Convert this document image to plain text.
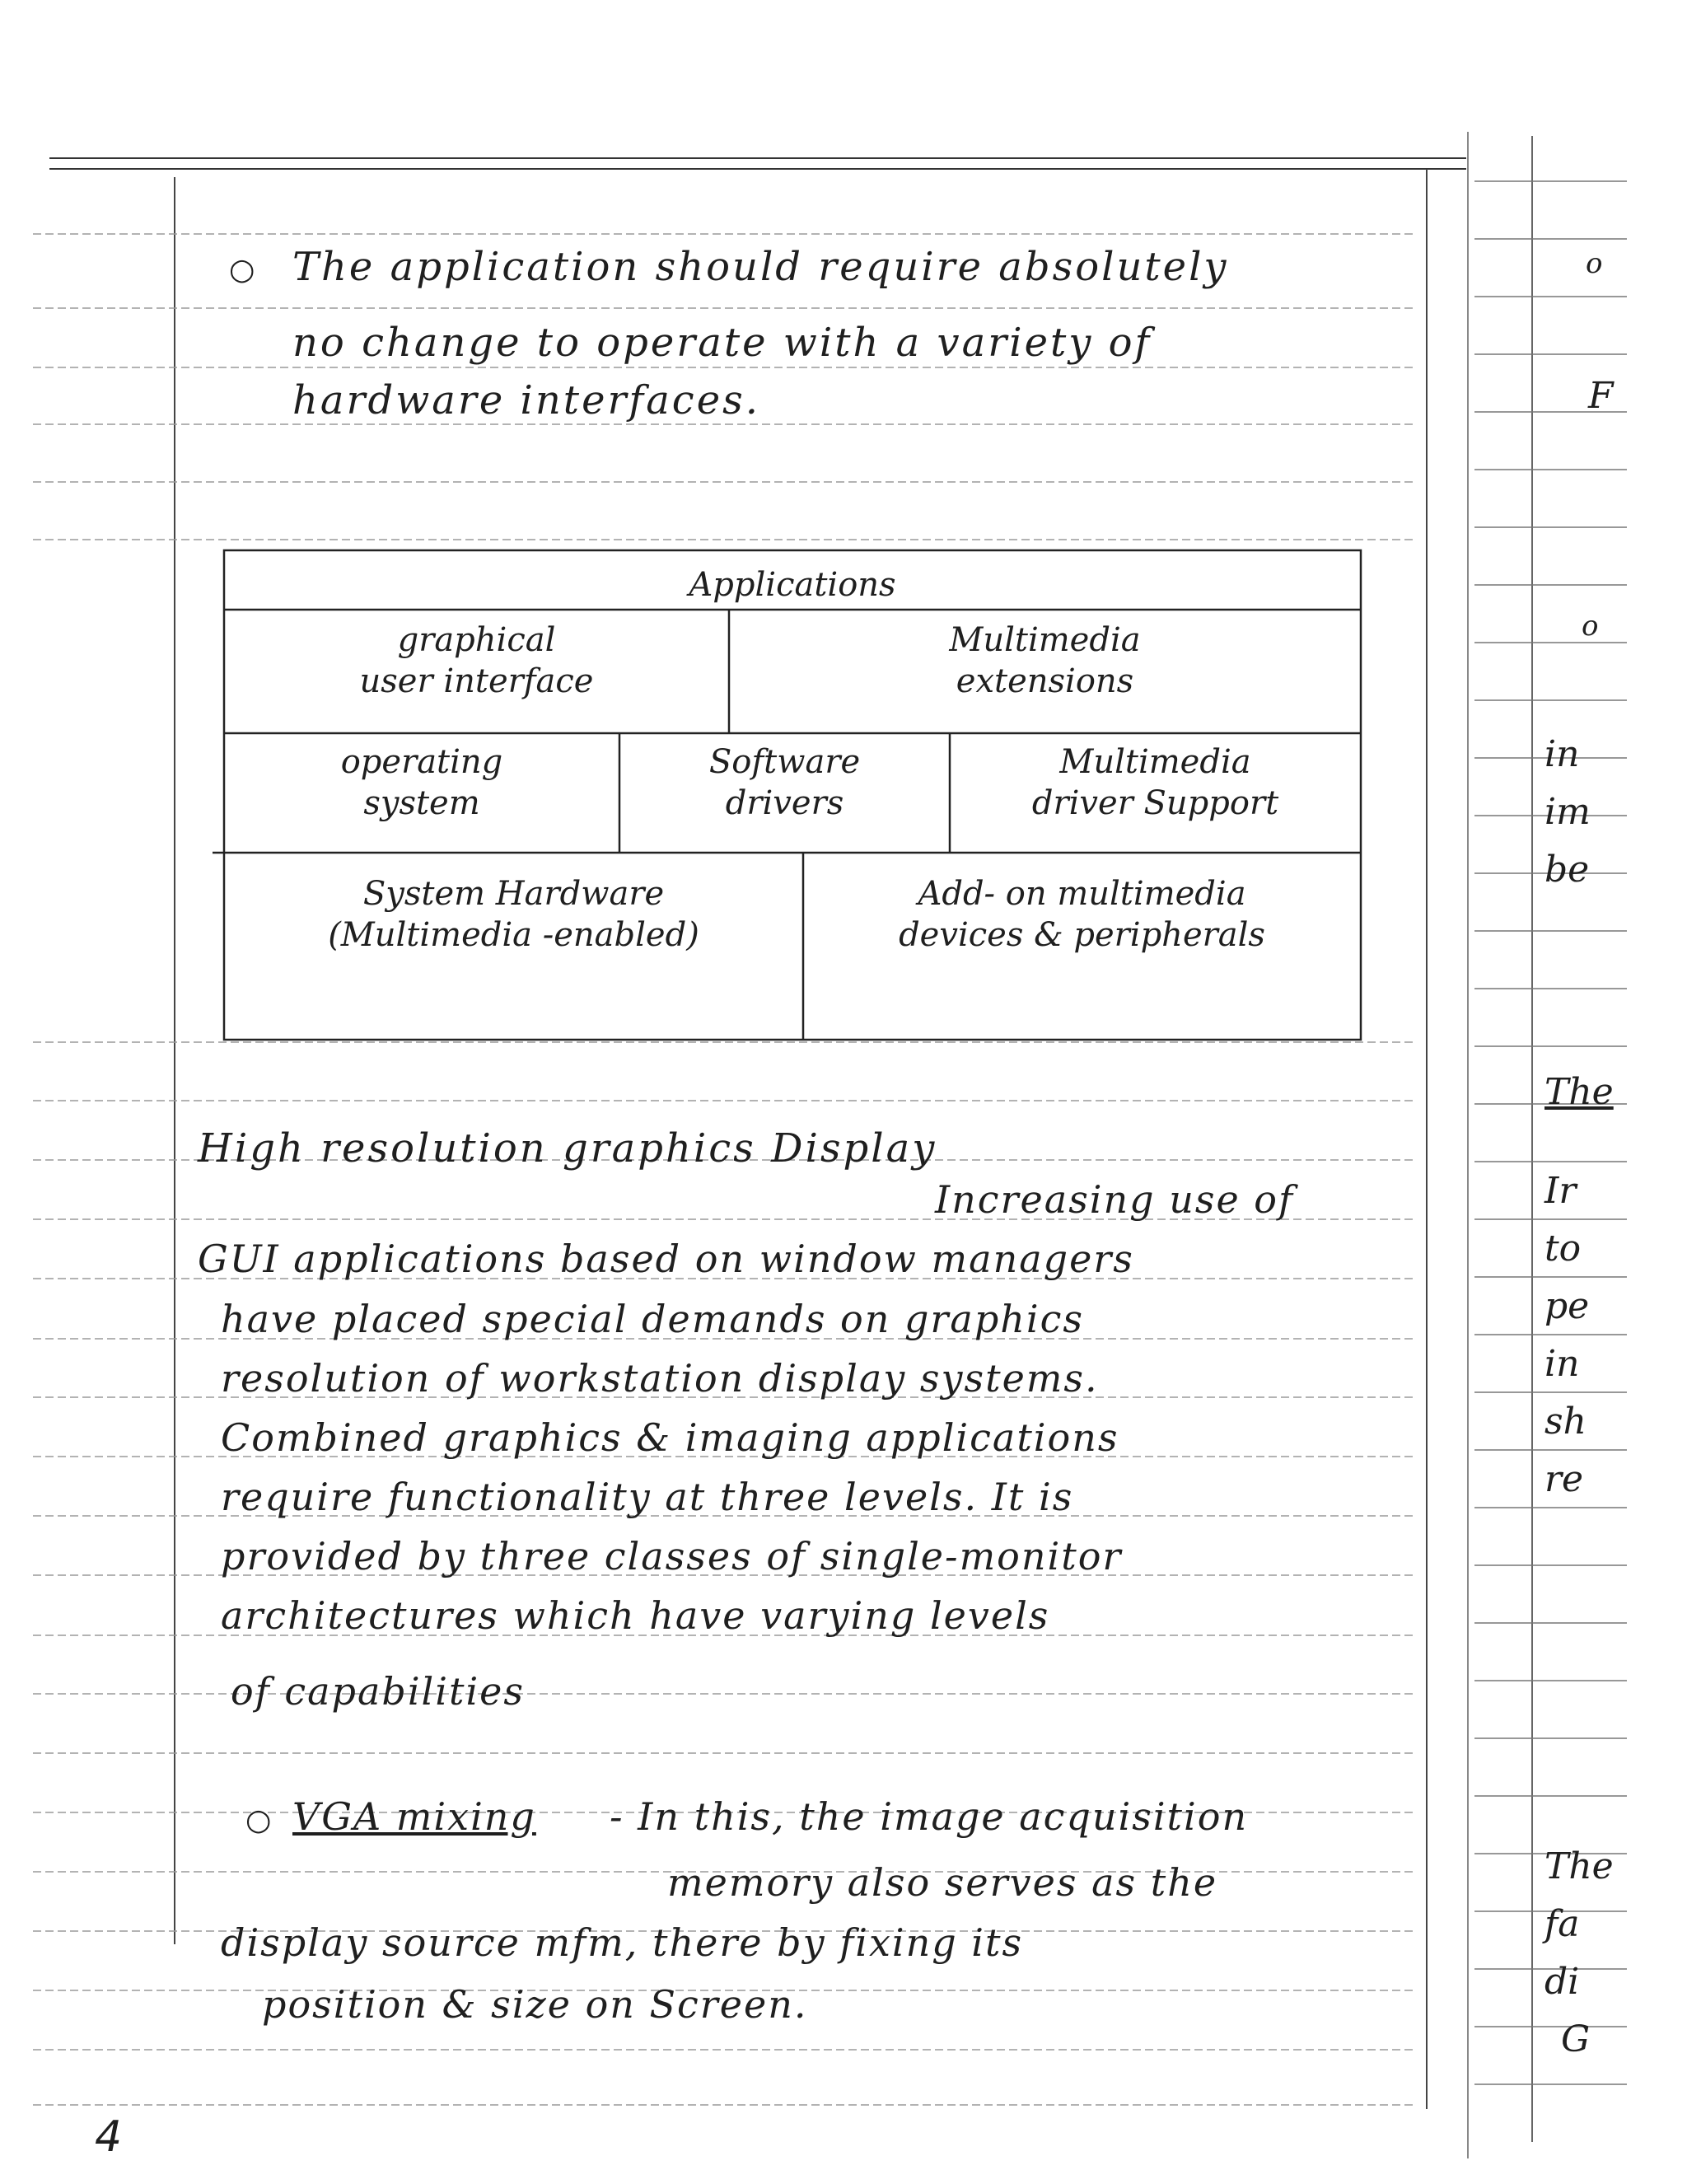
○ The application should require absolutely
no change to operate with a variety of
hardware interfaces.
Applications
graphical
user interface
Multimedia
extensions
operating
system
Software
drivers
Multimedia
driver Support
System Hardware
(Multimedia -enabled)
Add- on multimedia
devices & peripherals
High resolution graphics Display
Increasing use of
GUI applications based on window managers
have placed special demands on graphics
resolution of workstation display systems.
Combined graphics & imaging applications
require functionality at three levels. It is
provided by three classes of single-monitor
architectures which have varying levels
of capabilities
○ VGA mixing - In this, the image acquisition
memory also serves as the
display source mfm, there by fixing its
position & size on Screen.
4
o
F
o
in
im
be
The
Ir
to
pe
in
sh
re
The
fa
di
G
